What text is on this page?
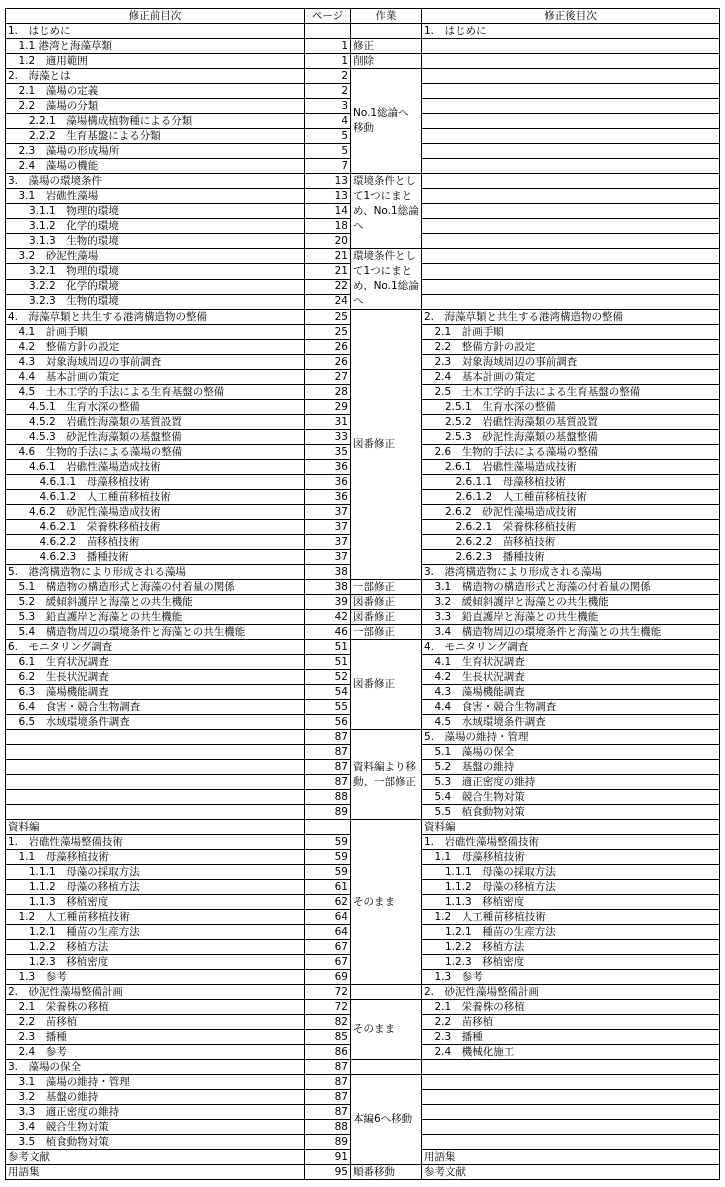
修正前目次	ページ	作業	修正後目次
1.　はじめに			1.　はじめに
　1.1 港湾と海藻草類	1	修正	
　1.2　適用範囲	1	削除	
2.　海藻とは	2	No.1総論へ移動	
　2.1　藻場の定義	2		
　2.2　藻場の分類	3		
　　2.2.1　藻場構成植物種による分類	4		
　　2.2.2　生育基盤による分類	5		
　2.3　藻場の形成場所	5		
　2.4　藻場の機能	7		
3.　藻場の環境条件	13	環境条件として1つにまとめ、No.1総論へ	
　3.1　岩礁性藻場	13		
　　3.1.1　物理的環境	14		
　　3.1.2　化学的環境	18		
　　3.1.3　生物的環境	20		
　3.2　砂泥性藻場	21	環境条件として1つにまとめ、No.1総論へ	
　　3.2.1　物理的環境	21		
　　3.2.2　化学的環境	22		
　　3.2.3　生物的環境	24		
4.　海藻草類と共生する港湾構造物の整備	25	図番修正	2.　海藻草類と共生する港湾構造物の整備
　4.1　計画手順	25		　2.1　計画手順
　4.2　整備方針の設定	26		　2.2　整備方針の設定
　4.3　対象海域周辺の事前調査	26		　2.3　対象海域周辺の事前調査
　4.4　基本計画の策定	27		　2.4　基本計画の策定
　4.5　土木工学的手法による生育基盤の整備	28		　2.5　土木工学的手法による生育基盤の整備
　　4.5.1　生育水深の整備	29		　　2.5.1　生育水深の整備
　　4.5.2　岩礁性海藻類の基質設置	31		　　2.5.2　岩礁性海藻類の基質設置
　　4.5.3　砂泥性海藻類の基盤整備	33		　　2.5.3　砂泥性海藻類の基盤整備
　4.6　生物的手法による藻場の整備	35		　2.6　生物的手法による藻場の整備
　　4.6.1　岩礁性藻場造成技術	36		　　2.6.1　岩礁性藻場造成技術
　　　4.6.1.1　母藻移植技術	36		　　　2.6.1.1　母藻移植技術
　　　4.6.1.2　人工種苗移植技術	36		　　　2.6.1.2　人工種苗移植技術
　　4.6.2　砂泥性藻場造成技術	37		　　2.6.2　砂泥性藻場造成技術
　　　4.6.2.1　栄養株移植技術	37		　　　2.6.2.1　栄養株移植技術
　　　4.6.2.2　苗移植技術	37		　　　2.6.2.2　苗移植技術
　　　4.6.2.3　播種技術	37		　　　2.6.2.3　播種技術
5.　港湾構造物により形成される藻場	38		3.　港湾構造物により形成される藻場
　5.1　構造物の構造形式と海藻の付着量の関係	38	一部修正	　3.1　構造物の構造形式と海藻の付着量の関係
　5.2　緩傾斜護岸と海藻との共生機能	39	図番修正	　3.2　緩傾斜護岸と海藻との共生機能
　5.3　鉛直護岸と海藻との共生機能	42	図番修正	　3.3　鉛直護岸と海藻との共生機能
　5.4　構造物周辺の環境条件と海藻との共生機能	46	一部修正	　3.4　構造物周辺の環境条件と海藻との共生機能
6.　モニタリング調査	51	図番修正	4.　モニタリング調査
　6.1　生育状況調査	51		　4.1　生育状況調査
　6.2　生長状況調査	52		　4.2　生長状況調査
　6.3　藻場機能調査	54		　4.3　藻場機能調査
　6.4　食害・競合生物調査	55		　4.4　食害・競合生物調査
　6.5　水域環境条件調査	56		　4.5　水域環境条件調査
	87	資料編より移動、一部修正	5.　藻場の維持・管理
	87		　5.1　藻場の保全
	87		　5.2　基盤の維持
	87		　5.3　適正密度の維持
	88		　5.4　競合生物対策
	89		　5.5　植食動物対策
資料編		そのまま	資料編
1.　岩礁性藻場整備技術	59		1.　岩礁性藻場整備技術
　1.1　母藻移植技術	59		　1.1　母藻移植技術
　　1.1.1　母藻の採取方法	59		　　1.1.1　母藻の採取方法
　　1.1.2　母藻の移植方法	61		　　1.1.2　母藻の移植方法
　　1.1.3　移植密度	62		　　1.1.3　移植密度
　1.2　人工種苗移植技術	64		　1.2　人工種苗移植技術
　　1.2.1　種苗の生産方法	64		　　1.2.1　種苗の生産方法
　　1.2.2　移植方法	67		　　1.2.2　移植方法
　　1.2.3　移植密度	67		　　1.2.3　移植密度
　1.3　参考	69		　1.3　参考
2.　砂泥性藻場整備計画	72		2.　砂泥性藻場整備計画
　2.1　栄養株の移植	72	そのまま	　2.1　栄養株の移植
　2.2　苗移植	82		　2.2　苗移植
　2.3　播種	85		　2.3　播種
　2.4　参考	86		　2.4　機械化施工
3.　藻場の保全	87		
　3.1　藻場の維持・管理	87	本編6へ移動	
　3.2　基盤の維持	87		
　3.3　適正密度の維持	87		
　3.4　競合生物対策	88		
　3.5　植食動物対策	89		
参考文献	91		用語集
用語集	95	順番移動	参考文献
